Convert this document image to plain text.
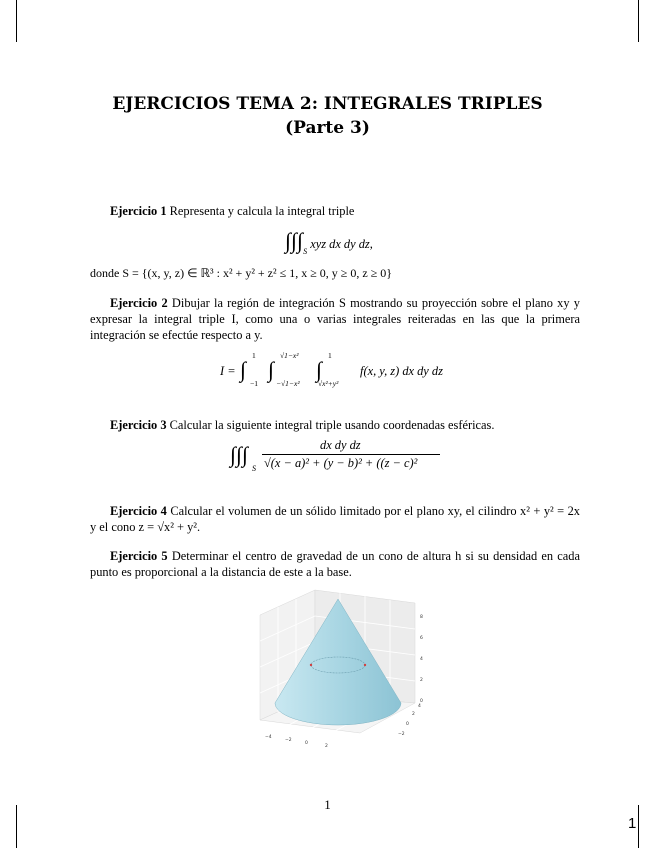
EJERCICIOS TEMA 2: INTEGRALES TRIPLES
(Parte 3)
Ejercicio 1 Representa y calcula la integral triple
$\int\int\int_S$ xyz dx dy dz,
donde S = {(x, y, z) ∈ ℝ³ : x² + y² + z² ≤ 1, x ≥ 0, y ≥ 0, z ≥ 0}
Ejercicio 2 Dibujar la región de integración S mostrando su proyección sobre el plano xy y expresar la integral triple I, como una o varias integrales reiteradas en las que la primera integración se efectúe respecto a y.
I = ∫
1
−1
∫
√1−x²
−√1−x²
∫
1
√x²+y²
f(x, y, z) dx dy dz
Ejercicio 3 Calcular la siguiente integral triple usando coordenadas esféricas.
∫∫∫
S
dx dy dz
√(x − a)² + (y − b)² + ((z − c)²
Ejercicio 4 Calcular el volumen de un sólido limitado por el plano xy, el cilindro x² + y² = 2x y el cono z = √x² + y².
Ejercicio 5 Determinar el centro de gravedad de un cono de altura h si su densidad en cada punto es proporcional a la distancia de este a la base.
8
6
4
2
0
−4
−2
0
2
−2
0
2
4
1
1
